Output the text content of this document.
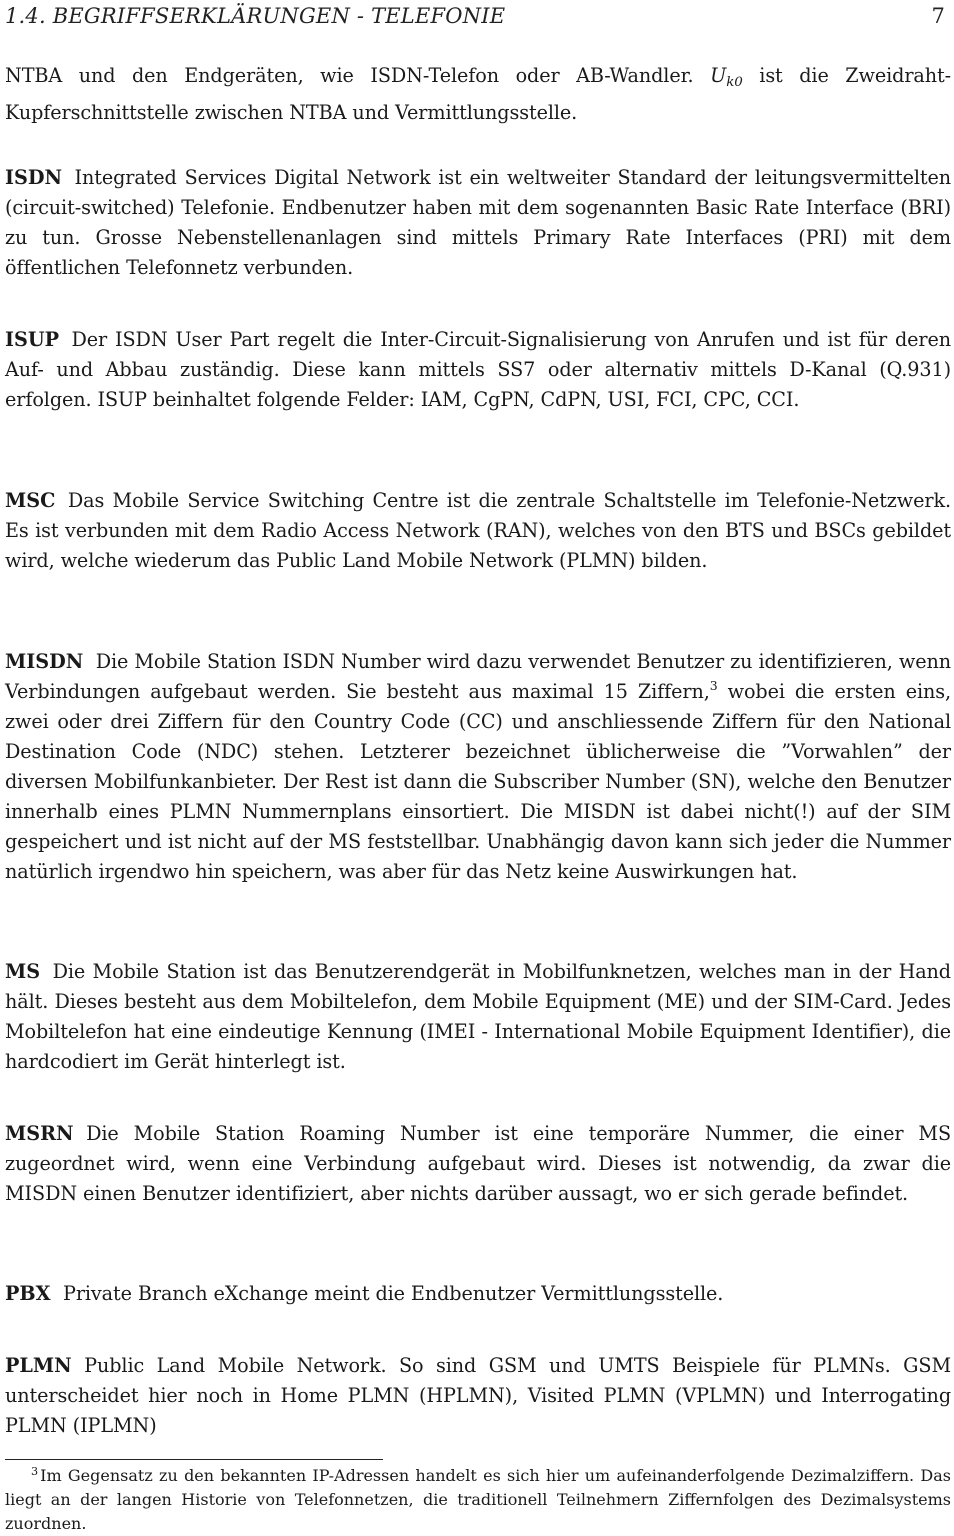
1.4. BEGRIFFSERKLÄRUNGEN - TELEFONIE	7

NTBA und den Endgeräten, wie ISDN-Telefon oder AB-Wandler. $U_{k0}$ ist die Zweidraht-Kupferschnittstelle zwischen NTBA und Vermittlungsstelle.

ISDN Integrated Services Digital Network ist ein weltweiter Standard der leitungsvermittelten (circuit-switched) Telefonie. Endbenutzer haben mit dem sogenannten Basic Rate Interface (BRI) zu tun. Grosse Nebenstellenanlagen sind mittels Primary Rate Interfaces (PRI) mit dem öffentlichen Telefonnetz verbunden.

ISUP Der ISDN User Part regelt die Inter-Circuit-Signalisierung von Anrufen und ist für deren Auf- und Abbau zuständig. Diese kann mittels SS7 oder alternativ mittels D-Kanal (Q.931) erfolgen. ISUP beinhaltet folgende Felder: IAM, CgPN, CdPN, USI, FCI, CPC, CCI.

MSC Das Mobile Service Switching Centre ist die zentrale Schaltstelle im Telefonie-Netzwerk. Es ist verbunden mit dem Radio Access Network (RAN), welches von den BTS und BSCs gebildet wird, welche wiederum das Public Land Mobile Network (PLMN) bilden.

MISDN Die Mobile Station ISDN Number wird dazu verwendet Benutzer zu identifizieren, wenn Verbindungen aufgebaut werden. Sie besteht aus maximal 15 Ziffern,$^3$ wobei die ersten eins, zwei oder drei Ziffern für den Country Code (CC) und anschliessende Ziffern für den National Destination Code (NDC) stehen. Letzterer bezeichnet üblicherweise die ”Vorwahlen” der diversen Mobilfunkanbieter. Der Rest ist dann die Subscriber Number (SN), welche den Benutzer innerhalb eines PLMN Nummernplans einsortiert. Die MISDN ist dabei nicht(!) auf der SIM gespeichert und ist nicht auf der MS feststellbar. Unabhängig davon kann sich jeder die Nummer natürlich irgendwo hin speichern, was aber für das Netz keine Auswirkungen hat.

MS Die Mobile Station ist das Benutzerendgerät in Mobilfunknetzen, welches man in der Hand hält. Dieses besteht aus dem Mobiltelefon, dem Mobile Equipment (ME) und der SIM-Card. Jedes Mobiltelefon hat eine eindeutige Kennung (IMEI - International Mobile Equipment Identifier), die hardcodiert im Gerät hinterlegt ist.

MSRN Die Mobile Station Roaming Number ist eine temporäre Nummer, die einer MS zugeordnet wird, wenn eine Verbindung aufgebaut wird. Dieses ist notwendig, da zwar die MISDN einen Benutzer identifiziert, aber nichts darüber aussagt, wo er sich gerade befindet.

PBX Private Branch eXchange meint die Endbenutzer Vermittlungsstelle.

PLMN Public Land Mobile Network. So sind GSM und UMTS Beispiele für PLMNs. GSM unterscheidet hier noch in Home PLMN (HPLMN), Visited PLMN (VPLMN) und Interrogating PLMN (IPLMN)

$^3$ Im Gegensatz zu den bekannten IP-Adressen handelt es sich hier um aufeinanderfolgende Dezimalziffern. Das liegt an der langen Historie von Telefonnetzen, die traditionell Teilnehmern Ziffernfolgen des Dezimalsystems zuordnen.
